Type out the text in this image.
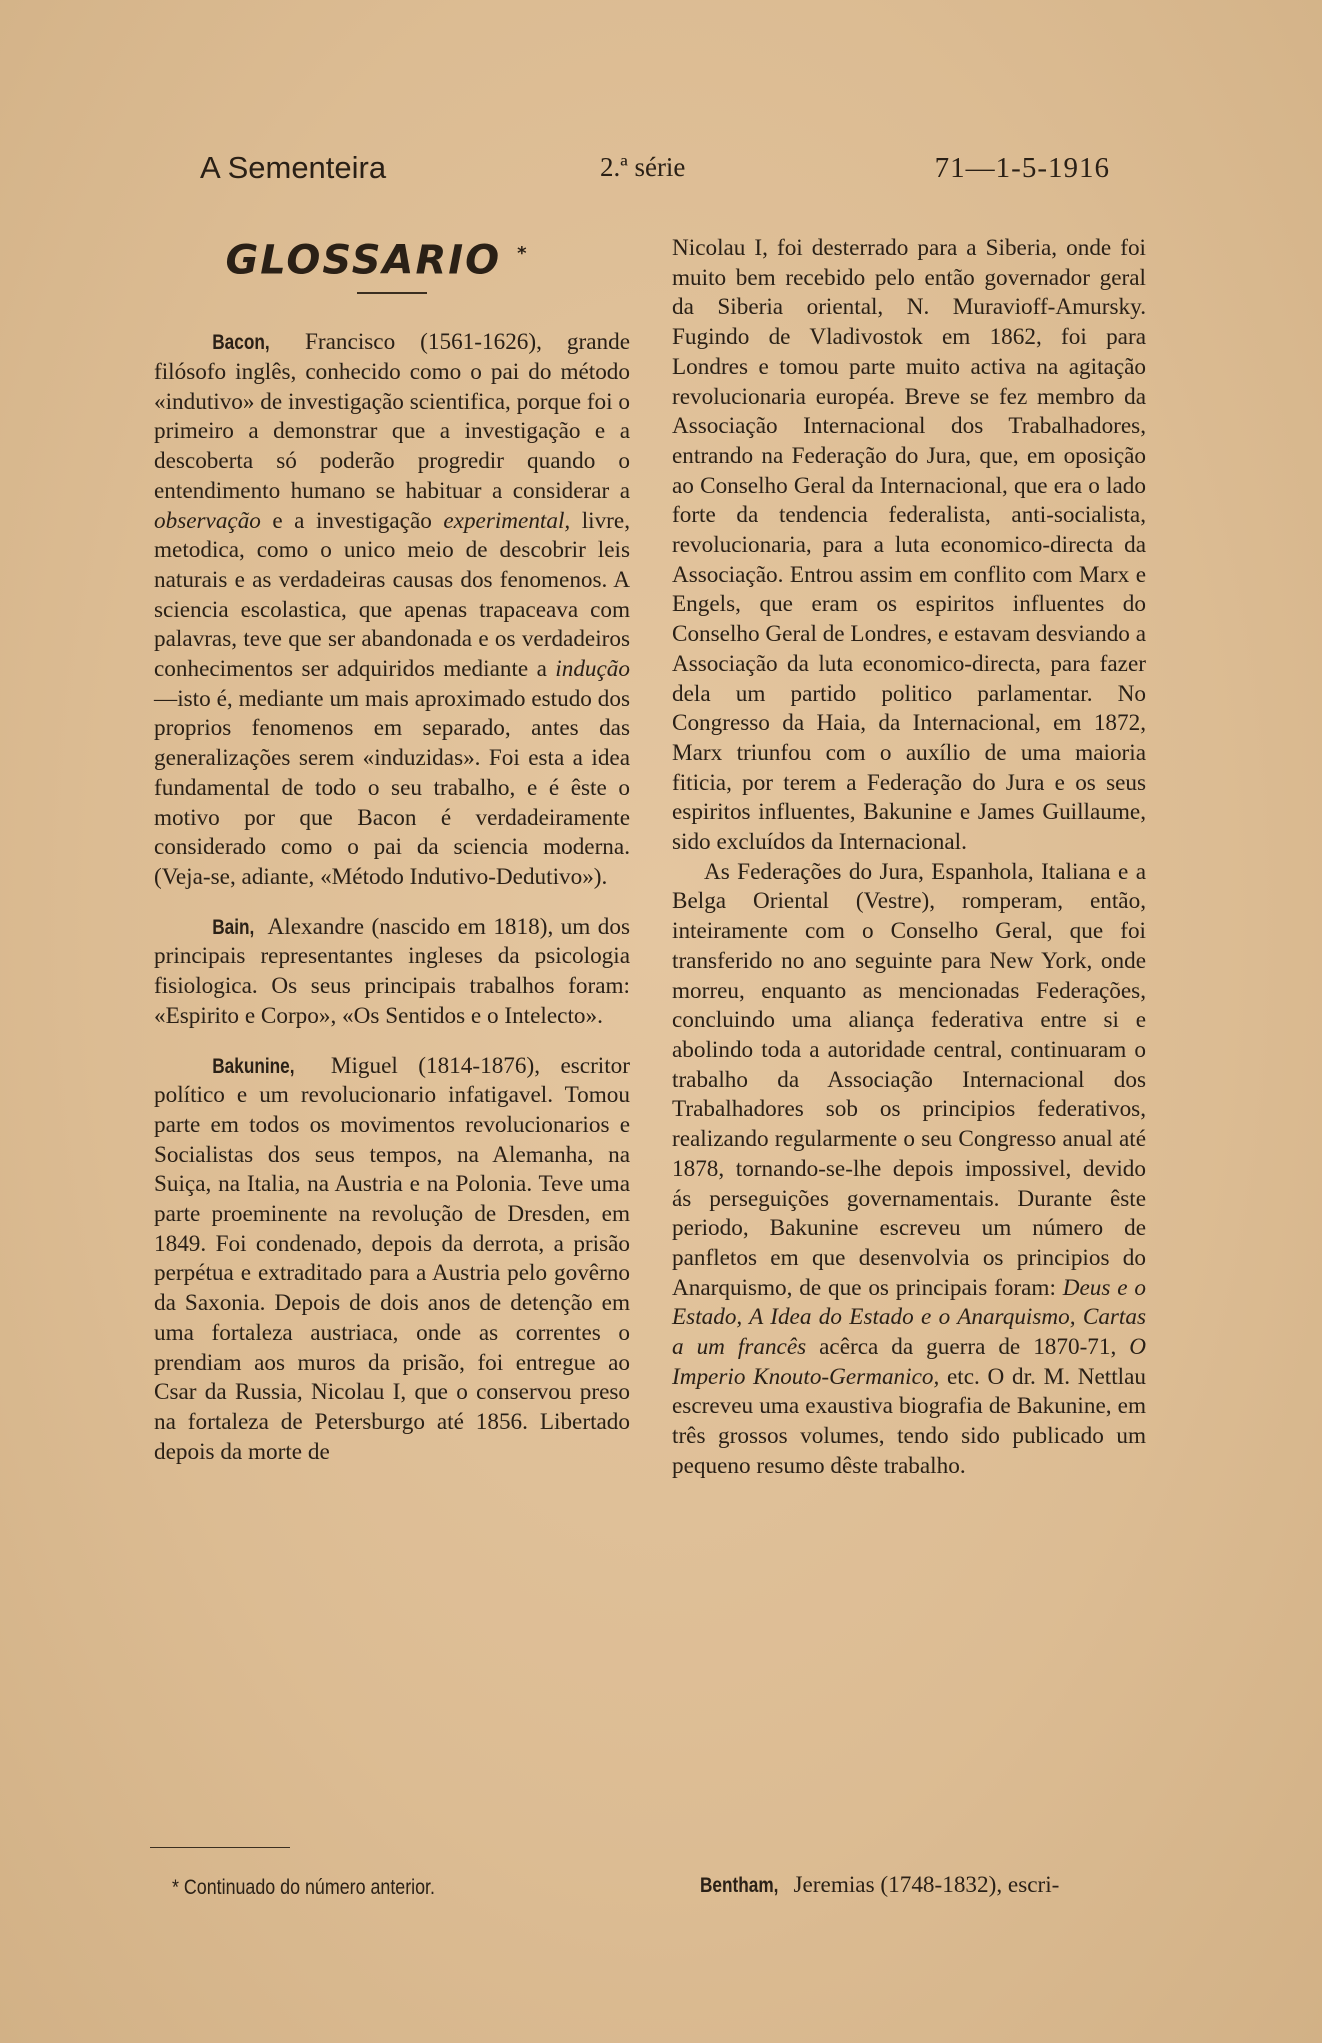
A Sementeira	2.ª série	71—1-5-1916
GLOSSARIO *

Bacon, Francisco (1561-1626), grande filósofo inglês, conhecido como o pai do método «indutivo» de investigação scientifica, porque foi o primeiro a demonstrar que a investigação e a descoberta só poderão progredir quando o entendimento humano se habituar a considerar a observação e a investigação experimental, livre, metodica, como o unico meio de descobrir leis naturais e as verdadeiras causas dos fenomenos. A sciencia escolastica, que apenas trapaceava com palavras, teve que ser abandonada e os verdadeiros conhecimentos ser adquiridos mediante a indução —isto é, mediante um mais aproximado estudo dos proprios fenomenos em separado, antes das generalizações serem «induzidas». Foi esta a idea fundamental de todo o seu trabalho, e é êste o motivo por que Bacon é verdadeiramente considerado como o pai da sciencia moderna. (Veja-se, adiante, «Método Indutivo-Dedutivo»).

Bain, Alexandre (nascido em 1818), um dos principais representantes ingleses da psicologia fisiologica. Os seus principais trabalhos foram: «Espirito e Corpo», «Os Sentidos e o Intelecto».

Bakunine, Miguel (1814-1876), escritor político e um revolucionario infatigavel. Tomou parte em todos os movimentos revolucionarios e Socialistas dos seus tempos, na Alemanha, na Suiça, na Italia, na Austria e na Polonia. Teve uma parte proeminente na revolução de Dresden, em 1849. Foi condenado, depois da derrota, a prisão perpétua e extraditado para a Austria pelo govêrno da Saxonia. Depois de dois anos de detenção em uma fortaleza austriaca, onde as correntes o prendiam aos muros da prisão, foi entregue ao Csar da Russia, Nicolau I, que o conservou preso na fortaleza de Petersburgo até 1856. Libertado depois da morte de

Nicolau I, foi desterrado para a Siberia, onde foi muito bem recebido pelo então governador geral da Siberia oriental, N. Muravioff-Amursky. Fugindo de Vladivostok em 1862, foi para Londres e tomou parte muito activa na agitação revolucionaria européa. Breve se fez membro da Associação Internacional dos Trabalhadores, entrando na Federação do Jura, que, em oposição ao Conselho Geral da Internacional, que era o lado forte da tendencia federalista, anti-socialista, revolucionaria, para a luta economico-directa da Associação. Entrou assim em conflito com Marx e Engels, que eram os espiritos influentes do Conselho Geral de Londres, e estavam desviando a Associação da luta economico-directa, para fazer dela um partido politico parlamentar. No Congresso da Haia, da Internacional, em 1872, Marx triunfou com o auxílio de uma maioria fiticia, por terem a Federação do Jura e os seus espiritos influentes, Bakunine e James Guillaume, sido excluídos da Internacional.

As Federações do Jura, Espanhola, Italiana e a Belga Oriental (Vestre), romperam, então, inteiramente com o Conselho Geral, que foi transferido no ano seguinte para New York, onde morreu, enquanto as mencionadas Federações, concluindo uma aliança federativa entre si e abolindo toda a autoridade central, continuaram o trabalho da Associação Internacional dos Trabalhadores sob os principios federativos, realizando regularmente o seu Congresso anual até 1878, tornando-se-lhe depois impossivel, devido ás perseguições governamentais. Durante êste periodo, Bakunine escreveu um número de panfletos em que desenvolvia os principios do Anarquismo, de que os principais foram: Deus e o Estado, A Idea do Estado e o Anarquismo, Cartas a um francês acêrca da guerra de 1870-71, O Imperio Knouto-Germanico, etc. O dr. M. Nettlau escreveu uma exaustiva biografia de Bakunine, em três grossos volumes, tendo sido publicado um pequeno resumo dêste trabalho.

* Continuado do número anterior.	Bentham, Jeremias (1748-1832), escri-
